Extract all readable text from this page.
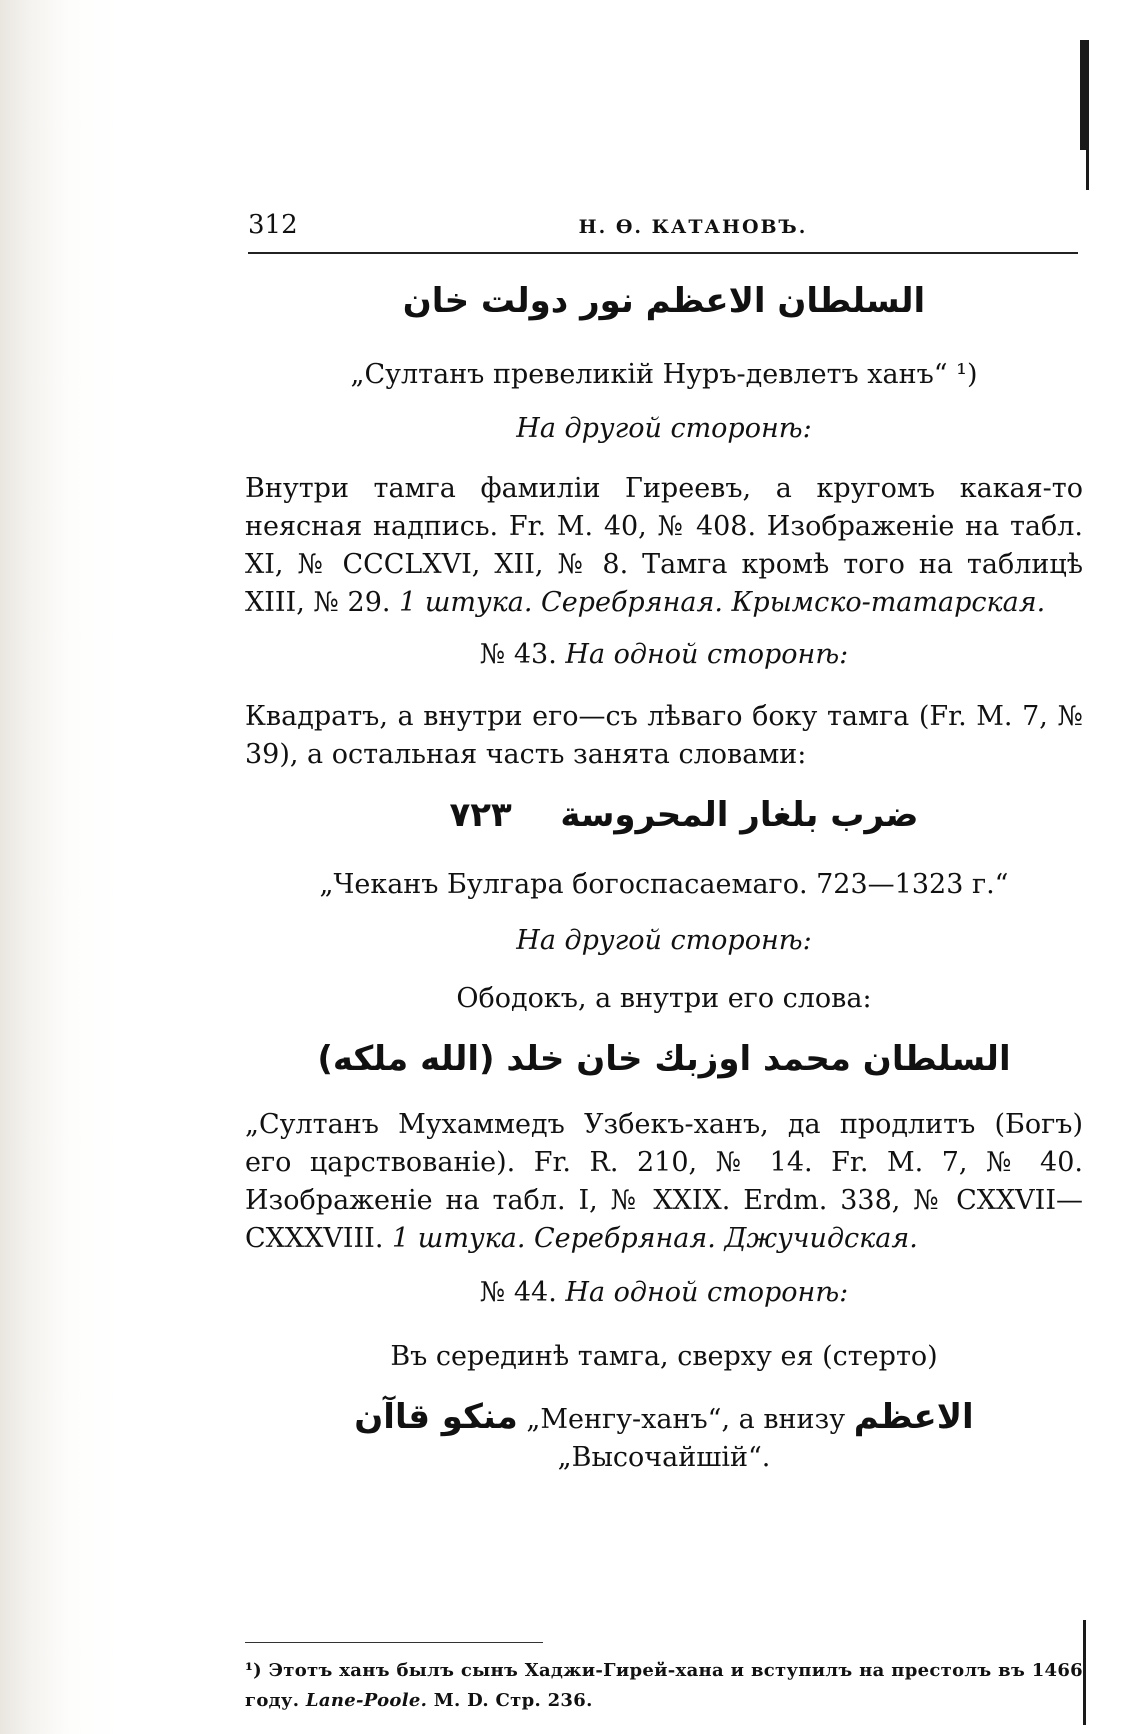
312	Н. Ѳ. КАТАНОВЪ.
السلطان الاعظم نور دولت خان
„Султанъ превеликій Нуръ-девлетъ ханъ“ ¹)
На другой сторонѣ:
Внутри тамга фамиліи Гиреевъ, а кругомъ какая-то неясная надпись. Fr. M. 40, № 408. Изображеніе на табл. XI, № CCCLXVI, XII, № 8. Тамга кромѣ того на таблицѣ XIII, № 29. 1 штука. Серебряная. Крымско-татарская.
№ 43. На одной сторонѣ:
Квадратъ, а внутри его—съ лѣваго боку тамга (Fr. M. 7, № 39), а остальная часть занята словами:
٧٢٣ ضرب بلغار المحروسة
„Чеканъ Булгара богоспасаемаго. 723—1323 г.“
На другой сторонѣ:
Ободокъ, а внутри его слова:
السلطان محمد اوزبك خان خلد (الله ملكه)
„Султанъ Мухаммедъ Узбекъ-ханъ, да продлитъ (Богъ) его царствованіе). Fr. R. 210, № 14. Fr. M. 7, № 40. Изображеніе на табл. I, № XXIX. Erdm. 338, № CXXVII—CXXXVIII. 1 штука. Серебряная. Джучидская.
№ 44. На одной сторонѣ:
Въ серединѣ тамга, сверху ея (стерто)
منكو قاآن „Менгу-ханъ“, а внизу الاعظم „Высочайшій“.
¹) Этотъ ханъ былъ сынъ Хаджи-Гирей-хана и вступилъ на престолъ въ 1466 году. Lane-Poole. M. D. Стр. 236.
